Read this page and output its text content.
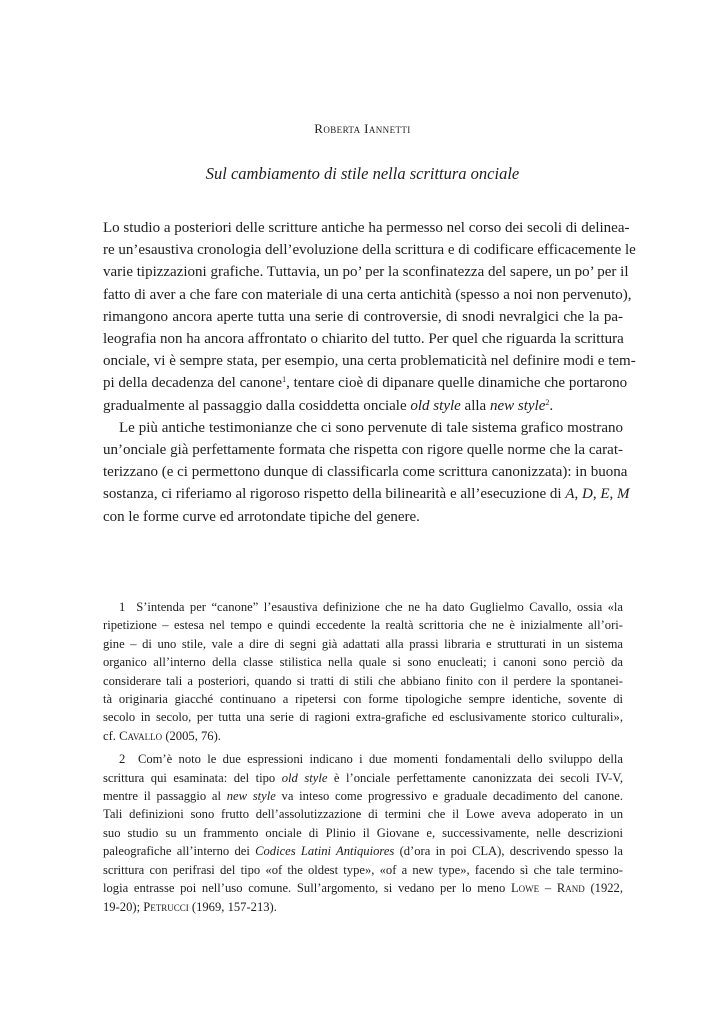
Roberta Iannetti
Sul cambiamento di stile nella scrittura onciale
Lo studio a posteriori delle scritture antiche ha permesso nel corso dei secoli di delinea-
re un’esaustiva cronologia dell’evoluzione della scrittura e di codificare efficacemente le
varie tipizzazioni grafiche. Tuttavia, un po’ per la sconfinatezza del sapere, un po’ per il
fatto di aver a che fare con materiale di una certa antichità (spesso a noi non pervenuto),
rimangono ancora aperte tutta una serie di controversie, di snodi nevralgici che la pa-
leografia non ha ancora affrontato o chiarito del tutto. Per quel che riguarda la scrittura
onciale, vi è sempre stata, per esempio, una certa problematicità nel definire modi e tem-
pi della decadenza del canone$^1$, tentare cioè di dipanare quelle dinamiche che portarono
gradualmente al passaggio dalla cosiddetta onciale old style alla new style$^2$.
Le più antiche testimonianze che ci sono pervenute di tale sistema grafico mostrano
un’onciale già perfettamente formata che rispetta con rigore quelle norme che la carat-
terizzano (e ci permettono dunque di classificarla come scrittura canonizzata): in buona
sostanza, ci riferiamo al rigoroso rispetto della bilinearità e all’esecuzione di A, D, E, M
con le forme curve ed arrotondate tipiche del genere.
1 S’intenda per “canone” l’esaustiva definizione che ne ha dato Guglielmo Cavallo, ossia «la
ripetizione – estesa nel tempo e quindi eccedente la realtà scrittoria che ne è inizialmente all’ori-
gine – di uno stile, vale a dire di segni già adattati alla prassi libraria e strutturati in un sistema
organico all’interno della classe stilistica nella quale si sono enucleati; i canoni sono perciò da
considerare tali a posteriori, quando si tratti di stili che abbiano finito con il perdere la spontanei-
tà originaria giacché continuano a ripetersi con forme tipologiche sempre identiche, sovente di
secolo in secolo, per tutta una serie di ragioni extra-grafiche ed esclusivamente storico culturali»,
cf. Cavallo (2005, 76).
2 Com’è noto le due espressioni indicano i due momenti fondamentali dello sviluppo della
scrittura qui esaminata: del tipo old style è l’onciale perfettamente canonizzata dei secoli IV-V,
mentre il passaggio al new style va inteso come progressivo e graduale decadimento del canone.
Tali definizioni sono frutto dell’assolutizzazione di termini che il Lowe aveva adoperato in un
suo studio su un frammento onciale di Plinio il Giovane e, successivamente, nelle descrizioni
paleografiche all’interno dei Codices Latini Antiquiores (d’ora in poi CLA), descrivendo spesso la
scrittura con perifrasi del tipo «of the oldest type», «of a new type», facendo sì che tale termino-
logia entrasse poi nell’uso comune. Sull’argomento, si vedano per lo meno Lowe – Rand (1922,
19-20); Petrucci (1969, 157-213).
